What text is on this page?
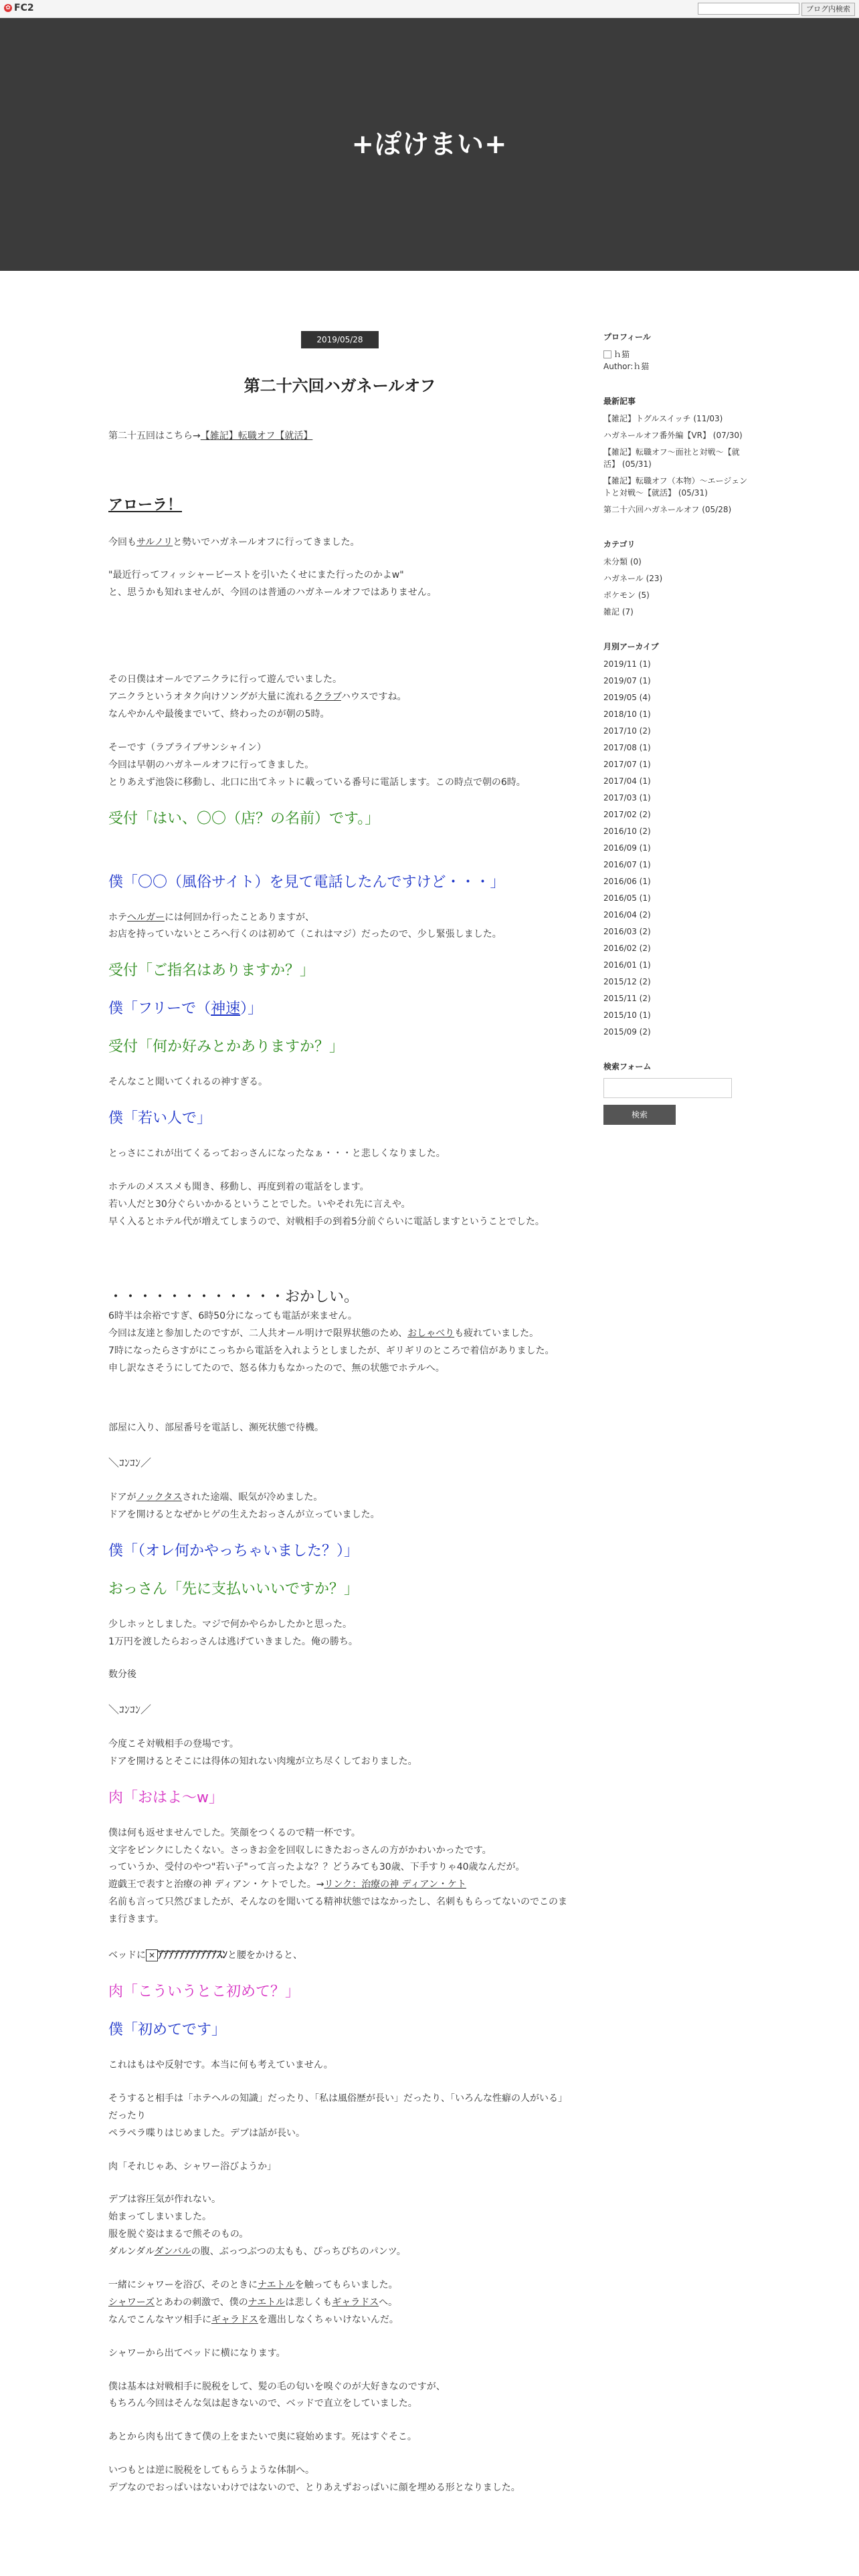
✿ FC2	ブログ内検索
+ぽけまい+
2019/05/28
第二十六回ハガネールオフ

第二十五回はこちら→【雑記】転職オフ【就活】

アローラ！

今回もサルノリと勢いでハガネールオフに行ってきました。

"最近行ってフィッシャービーストを引いたくせにまた行ったのかよw"
と、思うかも知れませんが、今回のは普通のハガネールオフではありません。

その日僕はオールでアニクラに行って遊んでいました。
アニクラというオタク向けソングが大量に流れるクラブハウスですね。
なんやかんや最後までいて、終わったのが朝の5時。

そーです（ラブライブサンシャイン）
今回は早朝のハガネールオフに行ってきました。
とりあえず池袋に移動し、北口に出てネットに載っている番号に電話します。この時点で朝の6時。

受付「はい、〇〇（店？の名前）です。」
僕「〇〇（風俗サイト）を見て電話したんですけど・・・」

ホテヘルガーには何回か行ったことありますが、
お店を持っていないところへ行くのは初めて（これはマジ）だったので、少し緊張しました。

受付「ご指名はありますか？」
僕「フリーで（神速）」
受付「何か好みとかありますか？」

そんなこと聞いてくれるの神すぎる。

僕「若い人で」

とっさにこれが出てくるっておっさんになったなぁ・・・と悲しくなりました。

ホテルのメススメも聞き、移動し、再度到着の電話をします。
若い人だと30分ぐらいかかるということでした。いやそれ先に言えや。
早く入るとホテル代が増えてしまうので、対戦相手の到着5分前ぐらいに電話しますということでした。

・・・・・・・・・・・・おかしい。

6時半は余裕ですぎ、6時50分になっても電話が来ません。
今回は友達と参加したのですが、二人共オール明けで限界状態のため、おしゃべりも疲れていました。
7時になったらさすがにこっちから電話を入れようとしましたが、ギリギリのところで着信がありました。
申し訳なさそうにしてたので、怒る体力もなかったので、無の状態でホテルへ。

部屋に入り、部屋番号を電話し、瀕死状態で待機。

＼ｺﾝｺﾝ／

ドアがノックタスされた途端、眠気が冷めました。
ドアを開けるとなぜかヒゲの生えたおっさんが立っていました。

僕「（オレ何かやっちゃいました？）」
おっさん「先に支払いいいですか？」

少しホッとしました。マジで何かやらかしたかと思った。
1万円を渡したらおっさんは逃げていきました。俺の勝ち。

数分後

＼ｺﾝｺﾝ／

今度こそ対戦相手の登場です。
ドアを開けるとそこには得体の知れない肉塊が立ち尽くしておりました。

肉「おはよ～w」

僕は何も返せませんでした。笑顔をつくるので精一杯です。
文字をピンクにしたくない。さっきお金を回収しにきたおっさんの方がかわいかったです。
っていうか、受付のやつ"若い子"って言ったよな？？どうみても30歳、下手すりゃ40歳なんだが。
遊戯王で表すと治療の神 ディアン・ケトでした。→リンク：治療の神 ディアン・ケト
名前も言って只然びましたが、そんなのを聞いてる精神状態ではなかったし、名刺ももらってないのでこのまま行きます。

ベッドに ✕ ｱｱｱｱｱｱｱｱｱｱｱｽﾝと腰をかけると、

肉「こういうとこ初めて？」
僕「初めてです」

これはもはや反射です。本当に何も考えていません。

そうすると相手は「ホテヘルの知識」だったり、「私は風俗歴が長い」だったり、「いろんな性癖の人がいる」だったり
ペラペラ喋りはじめました。デブは話が長い。

肉「それじゃあ、シャワー浴びようか」

デブは容圧気が作れない。
始まってしまいました。
服を脱ぐ姿はまるで熊そのもの。
ダルンダルダンバルの腹、ぶっつぶつの太もも、ぴっちぴちのパンツ。

一緒にシャワーを浴び、そのときにナエトルを触ってもらいました。
シャワーズとあわの刺激で、僕のナエトルは悲しくもギャラドスへ。
なんでこんなヤツ相手にギャラドスを選出しなくちゃいけないんだ。

シャワーから出てベッドに横になります。

僕は基本は対戦相手に脱税をして、髪の毛の匂いを嗅ぐのが大好きなのですが、
もちろん今回はそんな気は起きないので、ベッドで直立をしていました。

あとから肉も出てきて僕の上をまたいで奥に寝始めます。死はすぐそこ。

いつもとは逆に脱税をしてもらうような体制へ。
デブなのでおっぱいはないわけではないので、とりあえずおっぱいに顔を埋める形となりました。

プロフィール
ｈ猫
Author:ｈ猫
最新記事
【雑記】トグルスイッチ (11/03)
ハガネールオフ番外編【VR】 (07/30)
【雑記】転職オフ〜面社と対戦〜【就活】 (05/31)
【雑記】転職オフ（本物）〜エージェントと対戦〜【就活】 (05/31)
第二十六回ハガネールオフ (05/28)
カテゴリ
未分類 (0)
ハガネール (23)
ポケモン (5)
雑記 (7)
月別アーカイブ
2019/11 (1)
2019/07 (1)
2019/05 (4)
2018/10 (1)
2017/10 (2)
2017/08 (1)
2017/07 (1)
2017/04 (1)
2017/03 (1)
2017/02 (2)
2016/10 (2)
2016/09 (1)
2016/07 (1)
2016/06 (1)
2016/05 (1)
2016/04 (2)
2016/03 (2)
2016/02 (2)
2016/01 (1)
2015/12 (2)
2015/11 (2)
2015/10 (1)
2015/09 (2)
検索フォーム
検索
